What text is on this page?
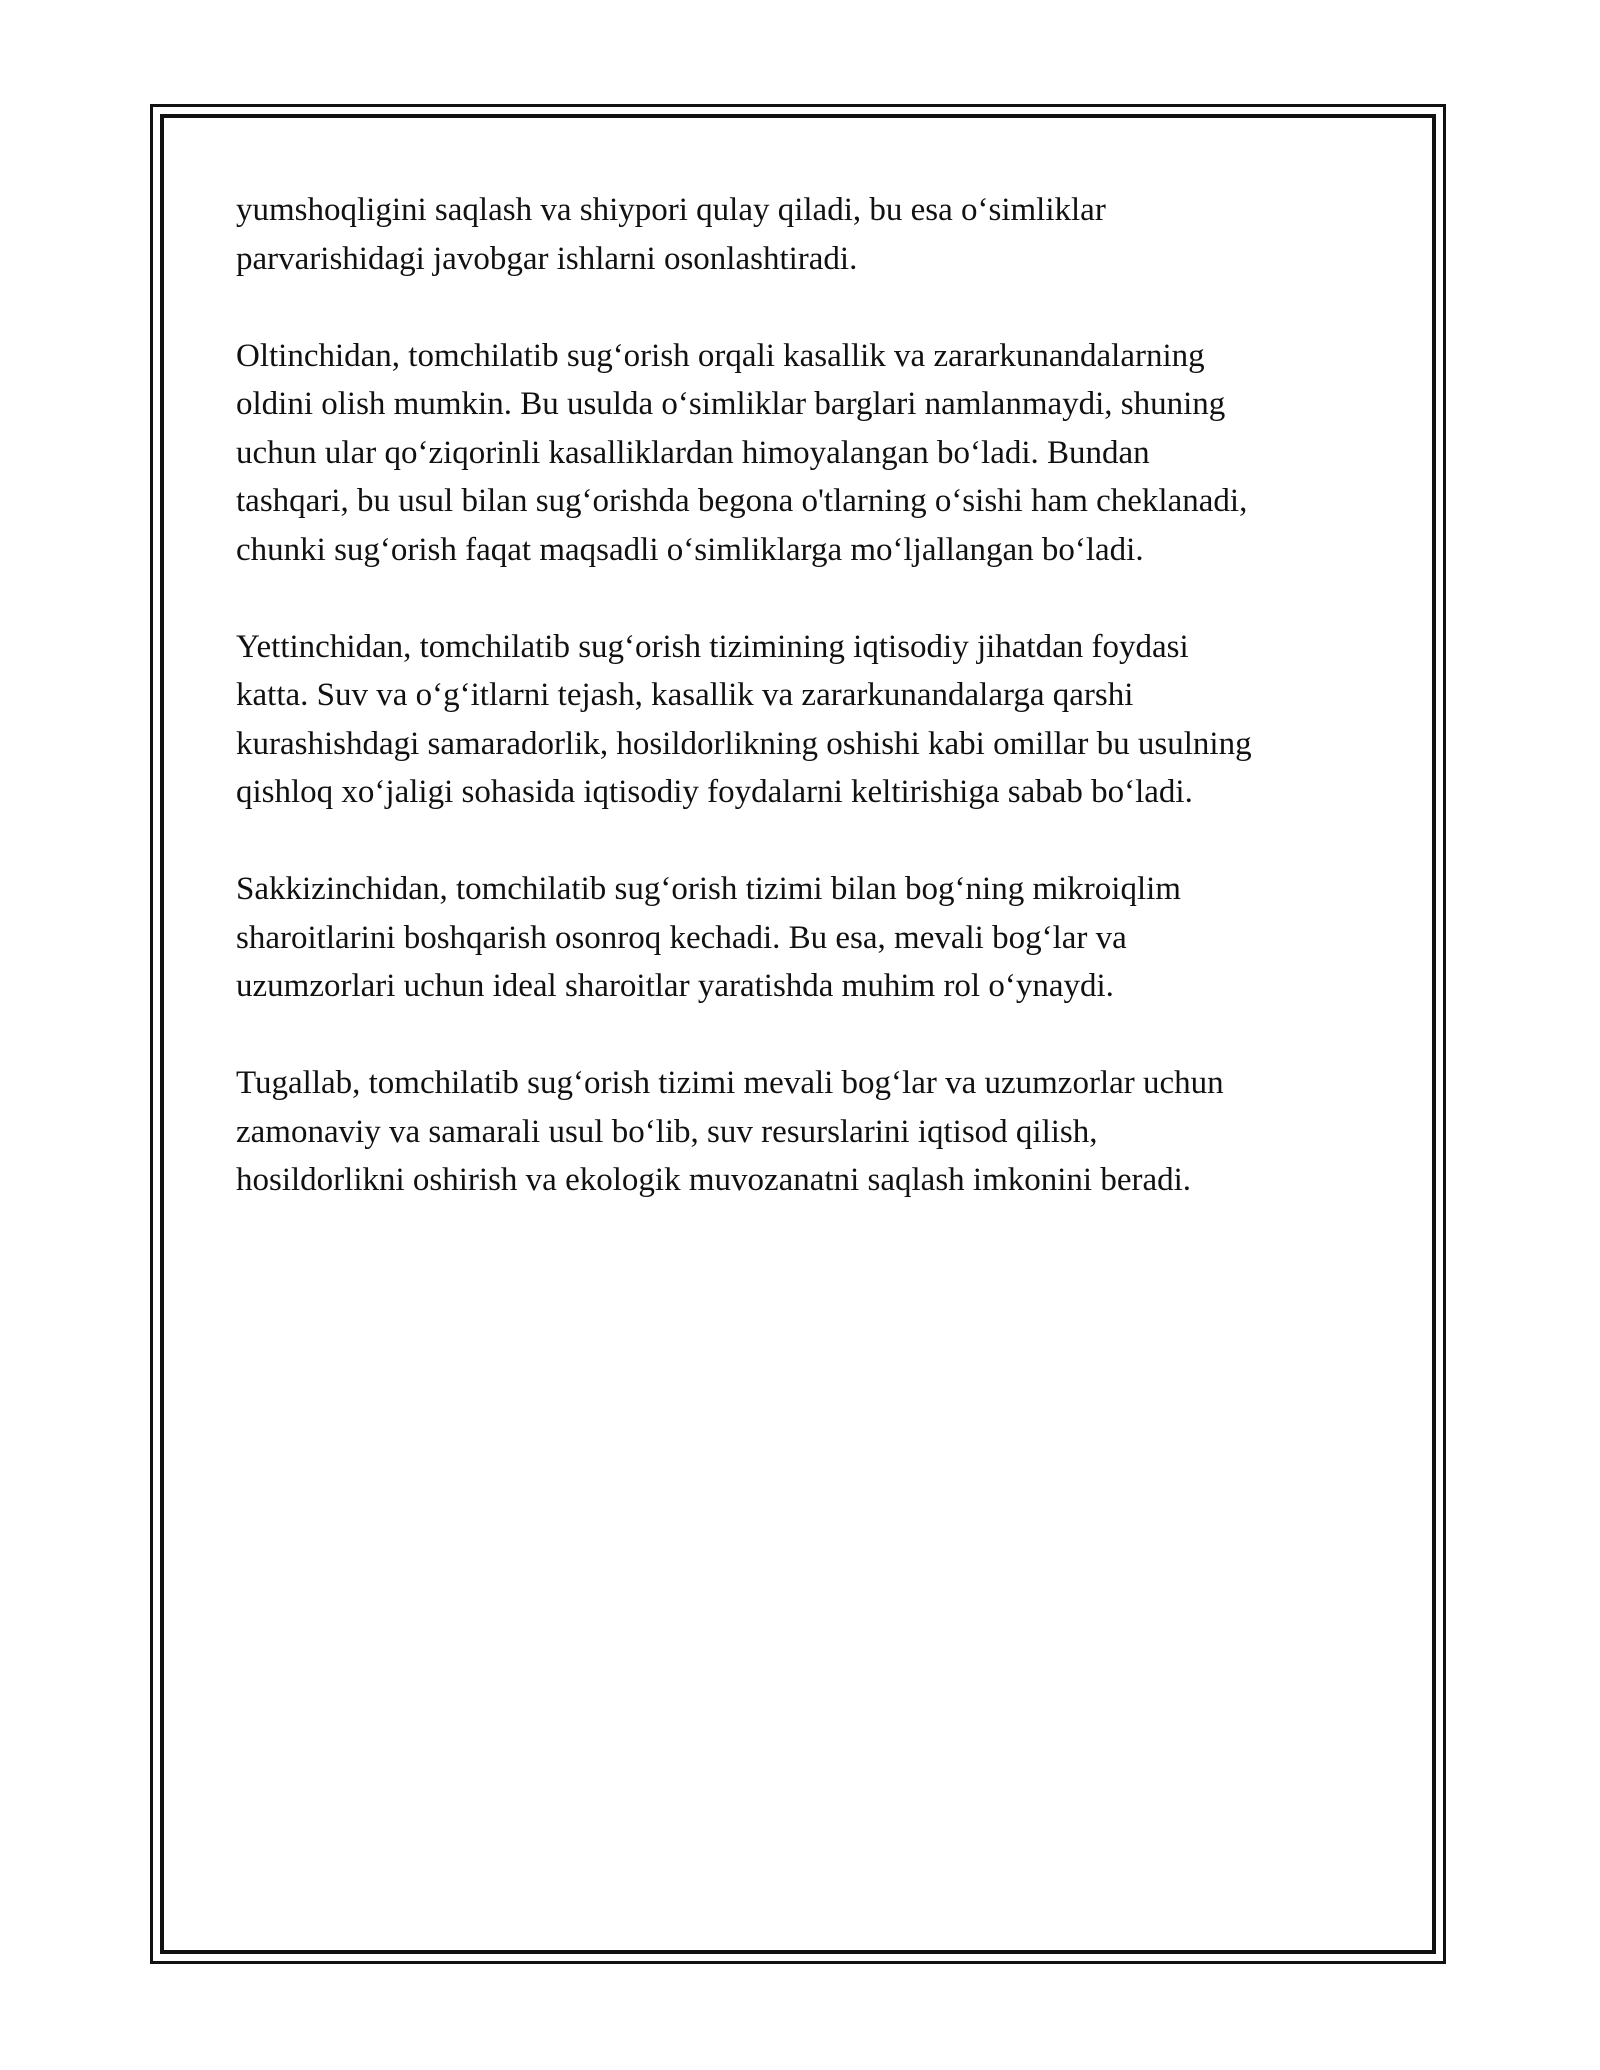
yumshoqligini saqlash va shiypori qulay qiladi, bu esa o‘simliklar
parvarishidagi javobgar ishlarni osonlashtiradi.

Oltinchidan, tomchilatib sug‘orish orqali kasallik va zararkunandalarning
oldini olish mumkin. Bu usulda o‘simliklar barglari namlanmaydi, shuning
uchun ular qo‘ziqorinli kasalliklardan himoyalangan bo‘ladi. Bundan
tashqari, bu usul bilan sug‘orishda begona o'tlarning o‘sishi ham cheklanadi,
chunki sug‘orish faqat maqsadli o‘simliklarga mo‘ljallangan bo‘ladi.

Yettinchidan, tomchilatib sug‘orish tizimining iqtisodiy jihatdan foydasi
katta. Suv va o‘g‘itlarni tejash, kasallik va zararkunandalarga qarshi
kurashishdagi samaradorlik, hosildorlikning oshishi kabi omillar bu usulning
qishloq xo‘jaligi sohasida iqtisodiy foydalarni keltirishiga sabab bo‘ladi.

Sakkizinchidan, tomchilatib sug‘orish tizimi bilan bog‘ning mikroiqlim
sharoitlarini boshqarish osonroq kechadi. Bu esa, mevali bog‘lar va
uzumzorlari uchun ideal sharoitlar yaratishda muhim rol o‘ynaydi.

Tugallab, tomchilatib sug‘orish tizimi mevali bog‘lar va uzumzorlar uchun
zamonaviy va samarali usul bo‘lib, suv resurslarini iqtisod qilish,
hosildorlikni oshirish va ekologik muvozanatni saqlash imkonini beradi.
